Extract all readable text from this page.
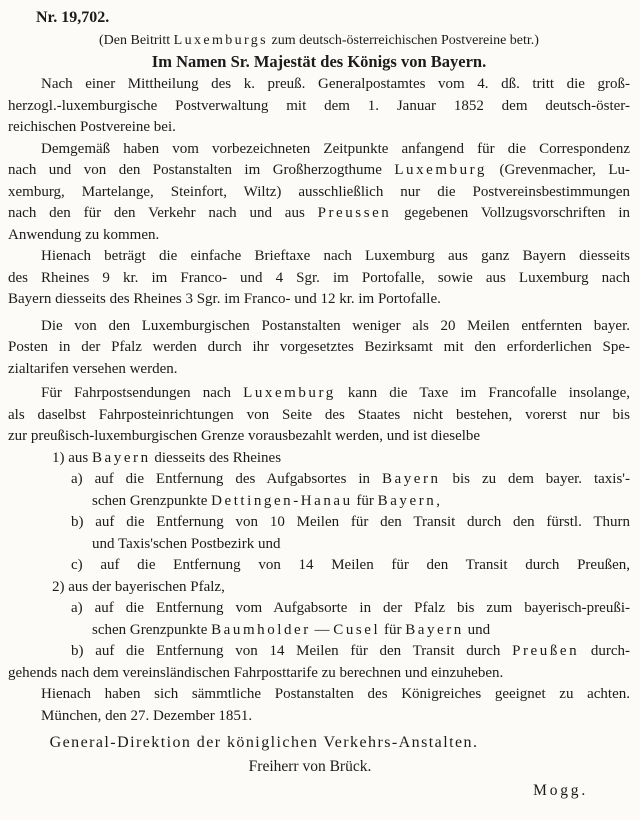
Nr. 19,702.
(Den Beitritt Luxemburgs zum deutsch-österreichischen Postvereine betr.)
Im Namen Sr. Majestät des Königs von Bayern.
Nach einer Mittheilung des k. preuß. Generalpostamtes vom 4. dß. tritt die groß-
herzogl.-luxemburgische Postverwaltung mit dem 1. Januar 1852 dem deutsch-öster-
reichischen Postvereine bei.
Demgemäß haben vom vorbezeichneten Zeitpunkte anfangend für die Correspondenz
nach und von den Postanstalten im Großherzogthume Luxemburg (Grevenmacher, Lu-
xemburg, Martelange, Steinfort, Wiltz) ausschließlich nur die Postvereinsbestimmungen
nach den für den Verkehr nach und aus Preussen gegebenen Vollzugsvorschriften in
Anwendung zu kommen.
Hienach beträgt die einfache Brieftaxe nach Luxemburg aus ganz Bayern diesseits
des Rheines 9 kr. im Franco- und 4 Sgr. im Portofalle, sowie aus Luxemburg nach
Bayern diesseits des Rheines 3 Sgr. im Franco- und 12 kr. im Portofalle.
Die von den Luxemburgischen Postanstalten weniger als 20 Meilen entfernten bayer.
Posten in der Pfalz werden durch ihr vorgesetztes Bezirksamt mit den erforderlichen Spe-
zialtarifen versehen werden.
Für Fahrpostsendungen nach Luxemburg kann die Taxe im Francofalle insolange,
als daselbst Fahrposteinrichtungen von Seite des Staates nicht bestehen, vorerst nur bis
zur preußisch-luxemburgischen Grenze vorausbezahlt werden, und ist dieselbe
1) aus Bayern diesseits des Rheines
a) auf die Entfernung des Aufgabsortes in Bayern bis zu dem bayer. taxis'-
schen Grenzpunkte Dettingen-Hanau für Bayern,
b) auf die Entfernung von 10 Meilen für den Transit durch den fürstl. Thurn
und Taxis'schen Postbezirk und
c) auf die Entfernung von 14 Meilen für den Transit durch Preußen,
2) aus der bayerischen Pfalz,
a) auf die Entfernung vom Aufgabsorte in der Pfalz bis zum bayerisch-preußi-
schen Grenzpunkte Baumholder — Cusel für Bayern und
b) auf die Entfernung von 14 Meilen für den Transit durch Preußen durch-
gehends nach dem vereinsländischen Fahrposttarife zu berechnen und einzuheben.
Hienach haben sich sämmtliche Postanstalten des Königreiches geeignet zu achten.
München, den 27. Dezember 1851.
General-Direktion der königlichen Verkehrs-Anstalten.
Freiherr von Brück.
Mogg.
